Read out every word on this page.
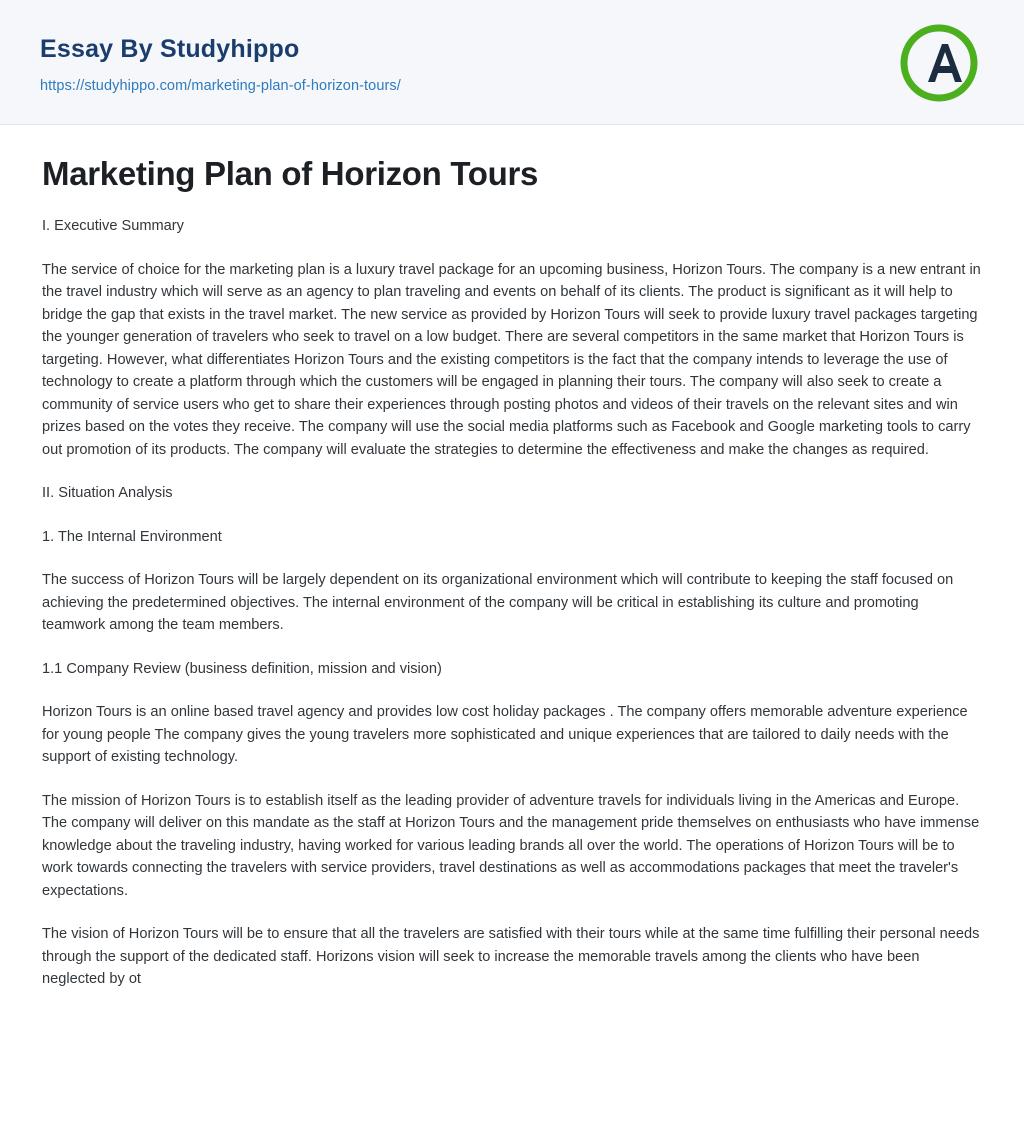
Essay By Studyhippo
https://studyhippo.com/marketing-plan-of-horizon-tours/
Marketing Plan of Horizon Tours

I. Executive Summary

The service of choice for the marketing plan is a luxury travel package for an upcoming business, Horizon Tours. The company is a new entrant in the travel industry which will serve as an agency to plan traveling and events on behalf of its clients. The product is significant as it will help to bridge the gap that exists in the travel market. The new service as provided by Horizon Tours will seek to provide luxury travel packages targeting the younger generation of travelers who seek to travel on a low budget. There are several competitors in the same market that Horizon Tours is targeting. However, what differentiates Horizon Tours and the existing competitors is the fact that the company intends to leverage the use of technology to create a platform through which the customers will be engaged in planning their tours. The company will also seek to create a community of service users who get to share their experiences through posting photos and videos of their travels on the relevant sites and win prizes based on the votes they receive. The company will use the social media platforms such as Facebook and Google marketing tools to carry out promotion of its products. The company will evaluate the strategies to determine the effectiveness and make the changes as required.

II. Situation Analysis

1. The Internal Environment

The success of Horizon Tours will be largely dependent on its organizational environment which will contribute to keeping the staff focused on achieving the predetermined objectives. The internal environment of the company will be critical in establishing its culture and promoting teamwork among the team members.

1.1 Company Review (business definition, mission and vision)

Horizon Tours is an online based travel agency and provides low cost holiday packages . The company offers memorable adventure experience for young people The company gives the young travelers more sophisticated and unique experiences that are tailored to daily needs with the support of existing technology.

The mission of Horizon Tours is to establish itself as the leading provider of adventure travels for individuals living in the Americas and Europe. The company will deliver on this mandate as the staff at Horizon Tours and the management pride themselves on enthusiasts who have immense knowledge about the traveling industry, having worked for various leading brands all over the world. The operations of Horizon Tours will be to work towards connecting the travelers with service providers, travel destinations as well as accommodations packages that meet the traveler's expectations.

The vision of Horizon Tours will be to ensure that all the travelers are satisfied with their tours while at the same time fulfilling their personal needs through the support of the dedicated staff. Horizons vision will seek to increase the memorable travels among the clients who have been neglected by ot
